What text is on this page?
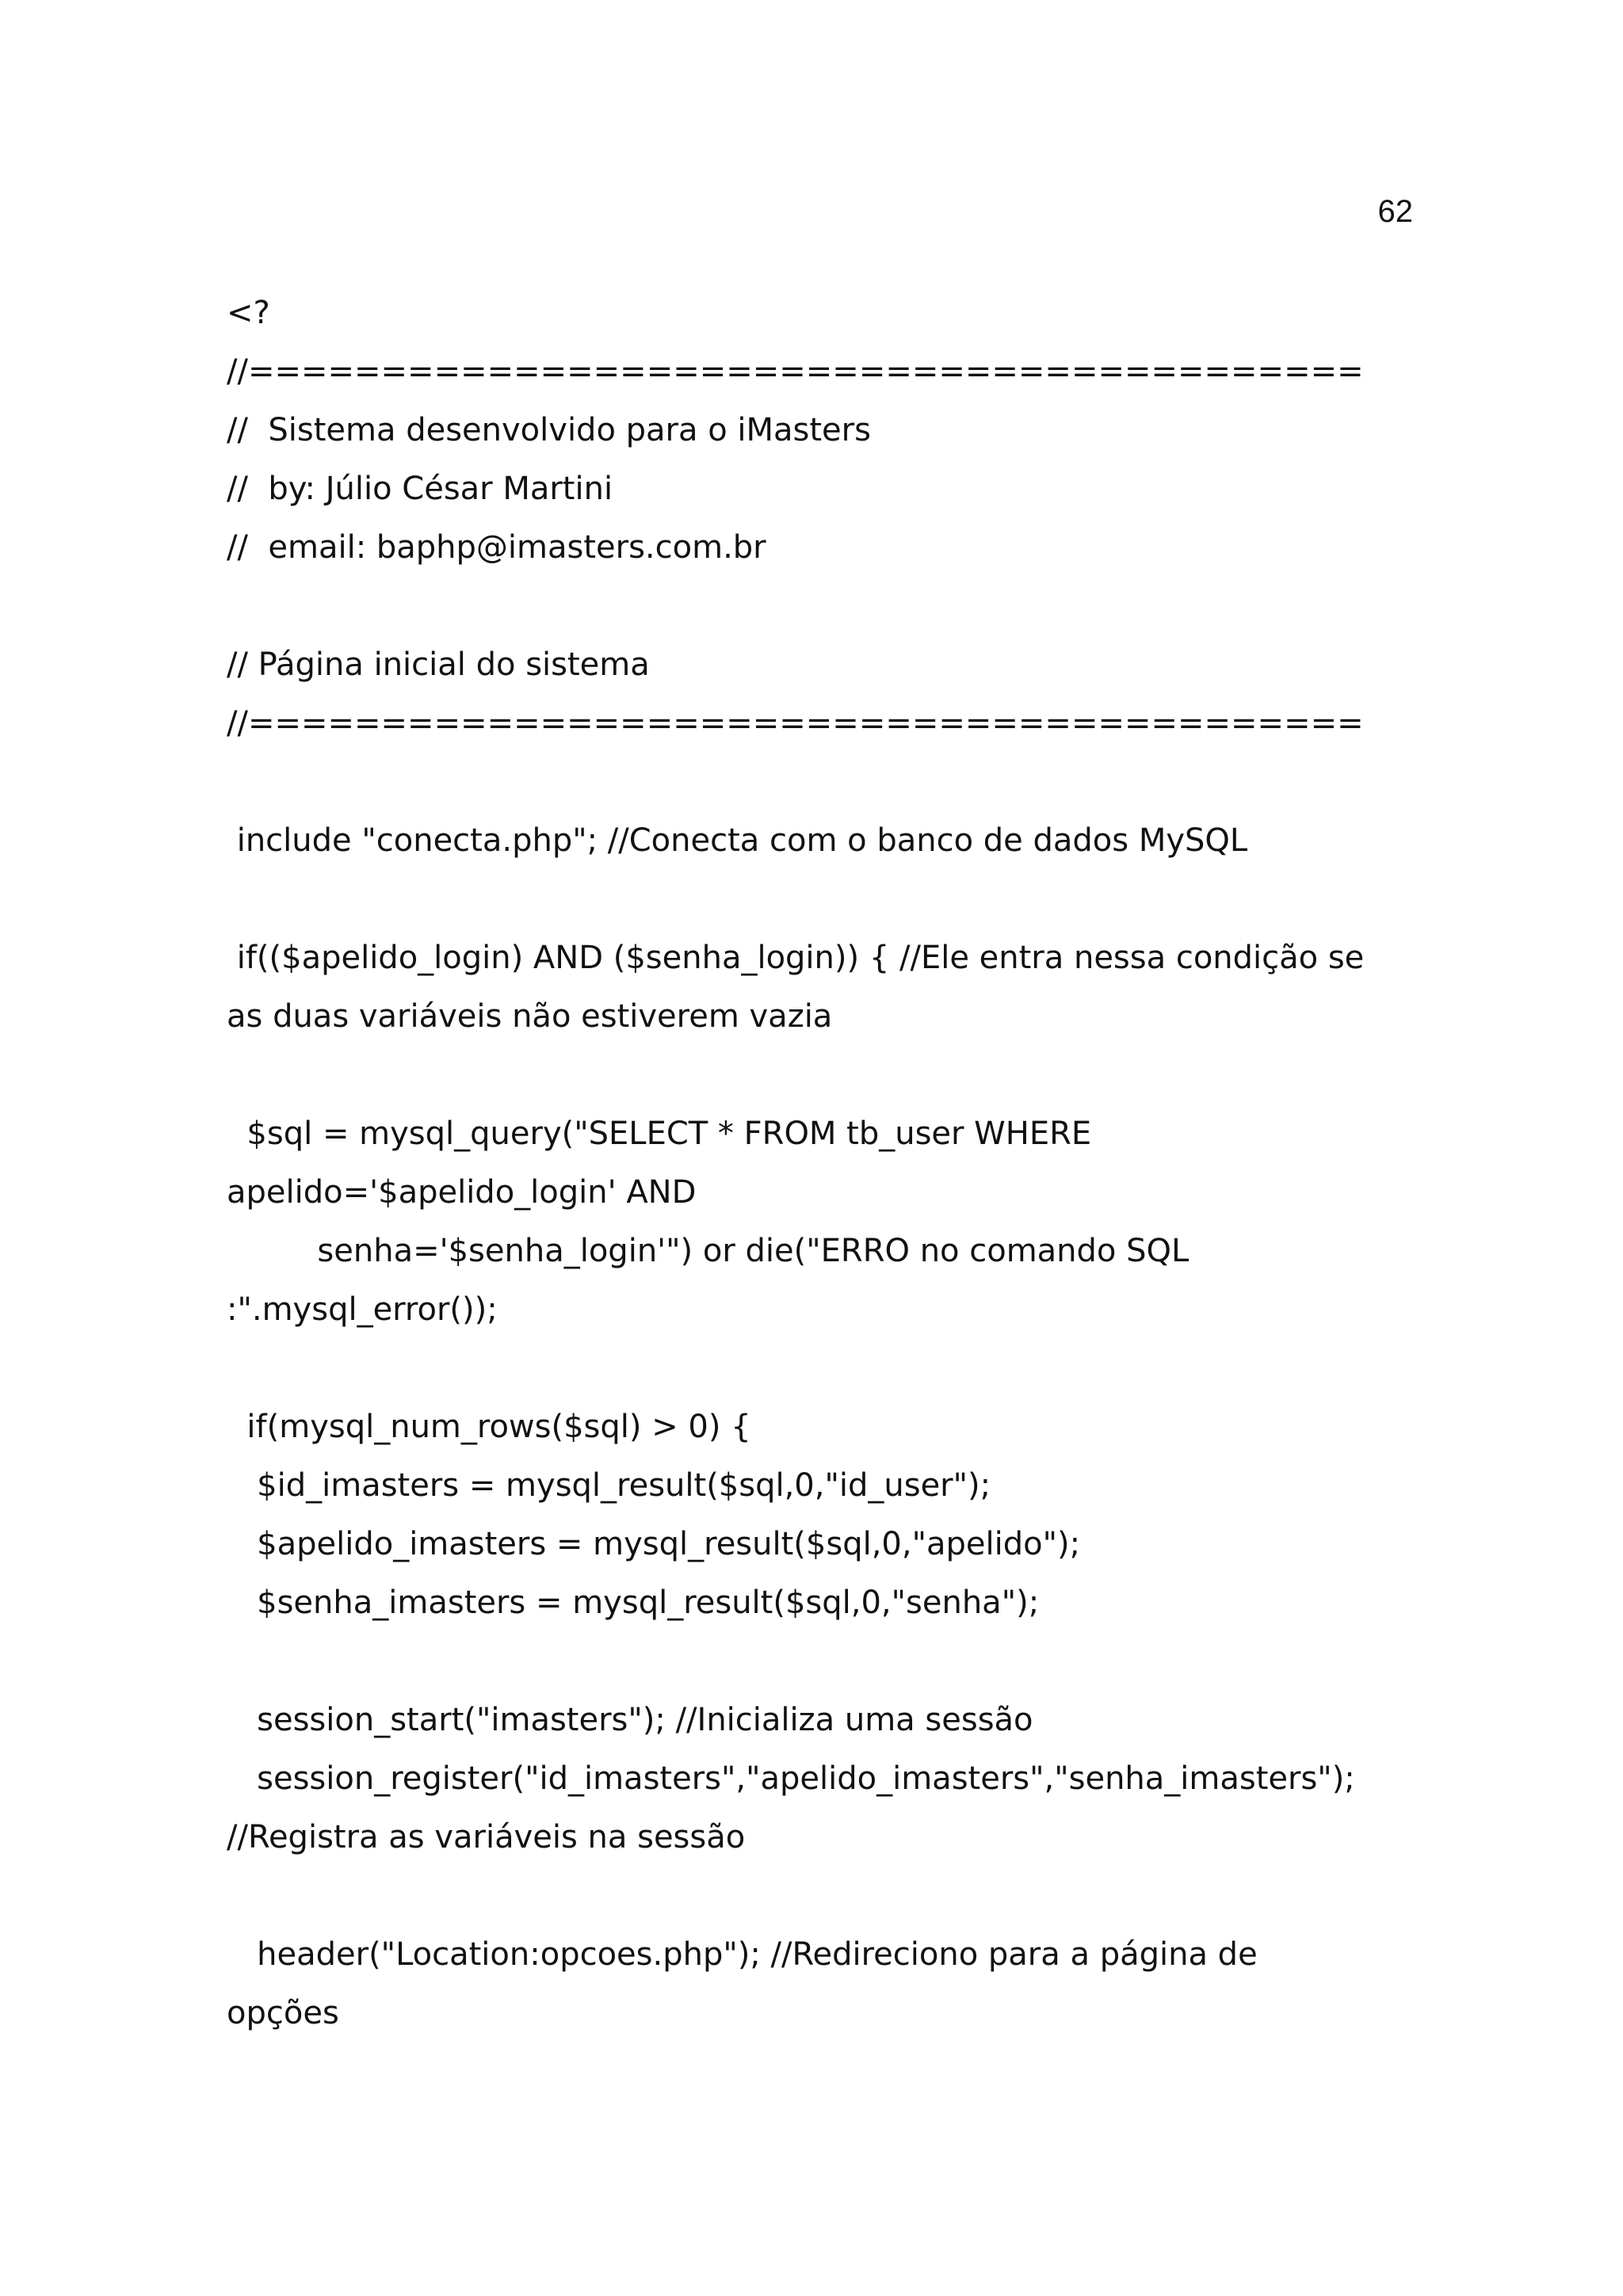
62
<?
//==========================================
//  Sistema desenvolvido para o iMasters
//  by: Júlio César Martini
//  email: baphp@imasters.com.br
// Página inicial do sistema
//==========================================
include "conecta.php"; //Conecta com o banco de dados MySQL
if(($apelido_login) AND ($senha_login)) { //Ele entra nessa condição se
as duas variáveis não estiverem vazia
$sql = mysql_query("SELECT * FROM tb_user WHERE
apelido='$apelido_login' AND
senha='$senha_login'") or die("ERRO no comando SQL
:".mysql_error());
if(mysql_num_rows($sql) > 0) {
$id_imasters = mysql_result($sql,0,"id_user");
$apelido_imasters = mysql_result($sql,0,"apelido");
$senha_imasters = mysql_result($sql,0,"senha");
session_start("imasters"); //Inicializa uma sessão
session_register("id_imasters","apelido_imasters","senha_imasters");
//Registra as variáveis na sessão
header("Location:opcoes.php"); //Redireciono para a página de
opções
